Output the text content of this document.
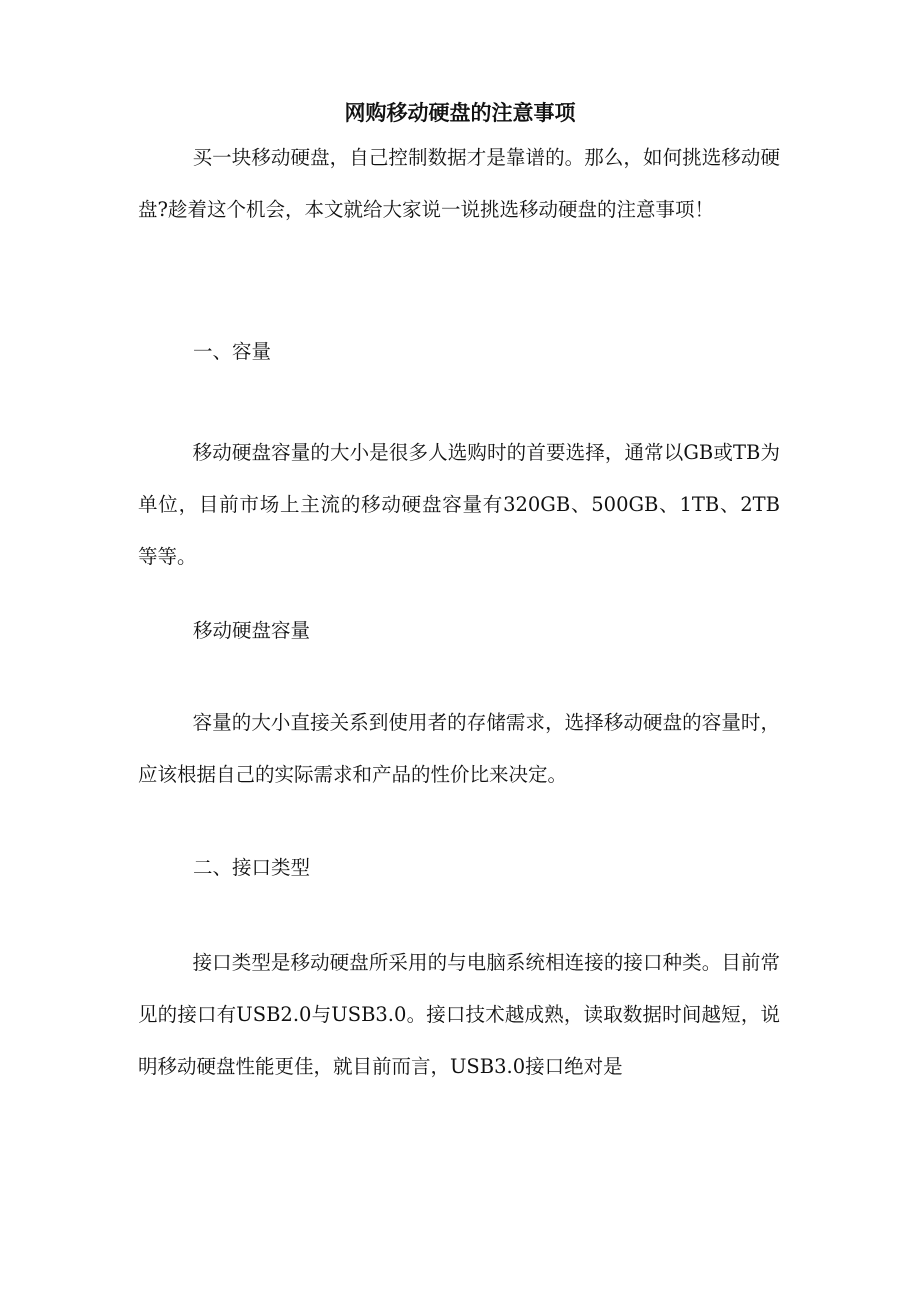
网购移动硬盘的注意事项

买一块移动硬盘，自己控制数据才是靠谱的。那么，如何挑选移动硬盘?趁着这个机会，本文就给大家说一说挑选移动硬盘的注意事项！

一、容量

移动硬盘容量的大小是很多人选购时的首要选择，通常以GB或TB为单位，目前市场上主流的移动硬盘容量有320GB、500GB、1TB、2TB等等。

移动硬盘容量

容量的大小直接关系到使用者的存储需求，选择移动硬盘的容量时，应该根据自己的实际需求和产品的性价比来决定。

二、接口类型

接口类型是移动硬盘所采用的与电脑系统相连接的接口种类。目前常见的接口有USB2.0与USB3.0。接口技术越成熟，读取数据时间越短，说明移动硬盘性能更佳，就目前而言，USB3.0接口绝对是
